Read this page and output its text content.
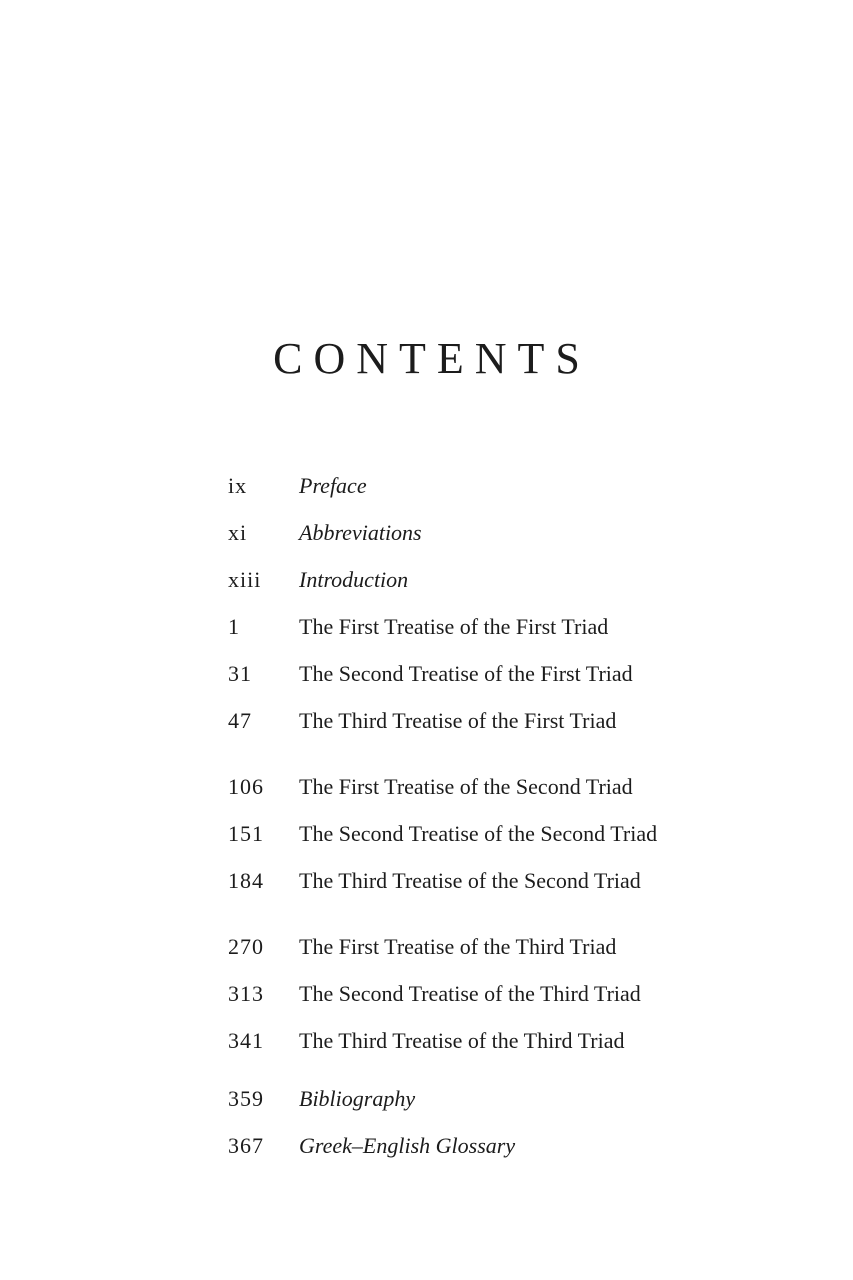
CONTENTS
ix	Preface
xi	Abbreviations
xiii	Introduction
1	The First Treatise of the First Triad
31	The Second Treatise of the First Triad
47	The Third Treatise of the First Triad
106	The First Treatise of the Second Triad
151	The Second Treatise of the Second Triad
184	The Third Treatise of the Second Triad
270	The First Treatise of the Third Triad
313	The Second Treatise of the Third Triad
341	The Third Treatise of the Third Triad
359	Bibliography
367	Greek–English Glossary
